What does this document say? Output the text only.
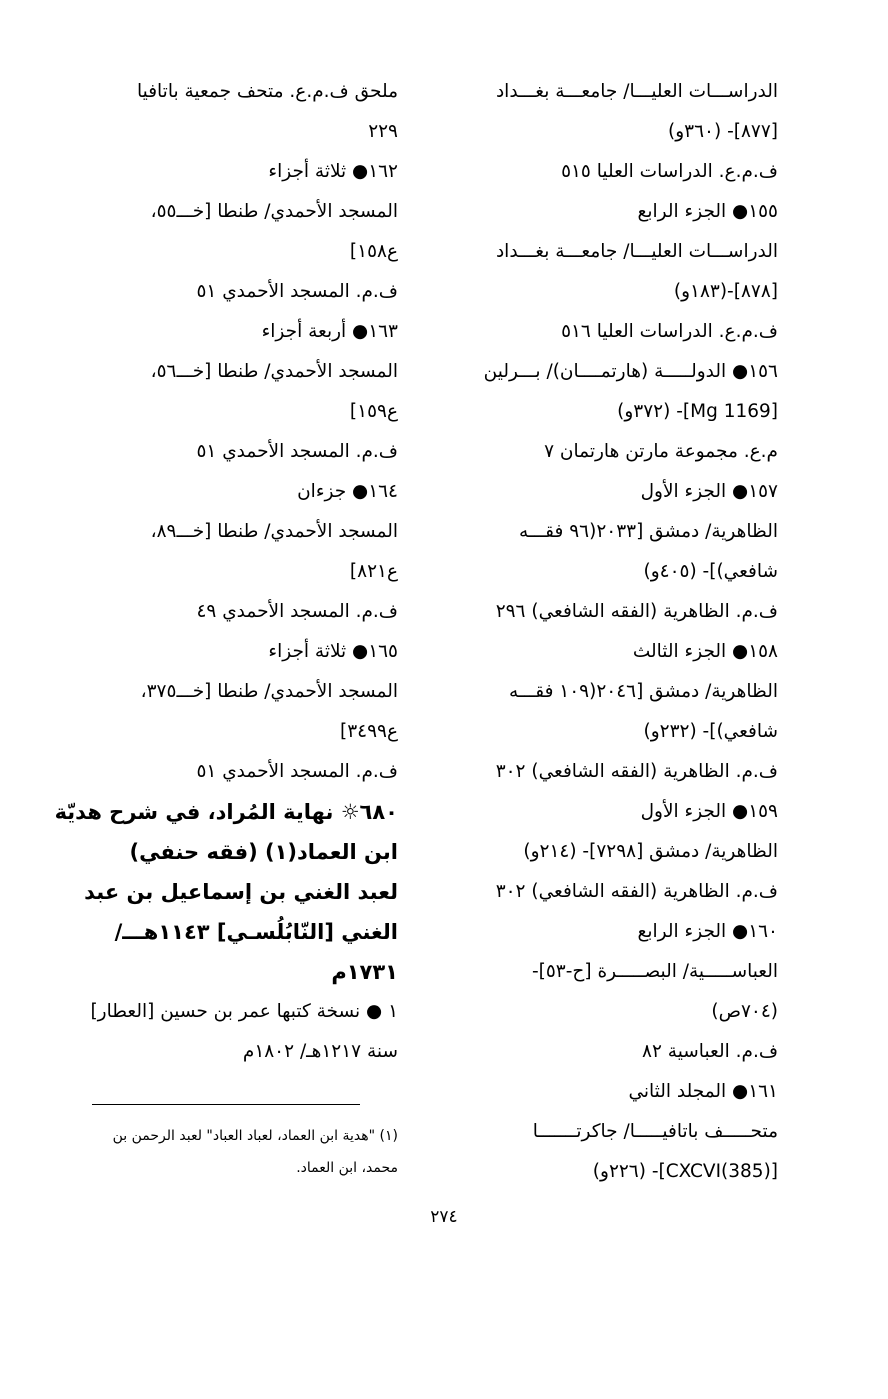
الدراســـات العليـــا/ جامعـــة بغـــداد
[٨٧٧]- (٣٦٠و)
ف.م.ع. الدراسات العليا ٥١٥
١٥٥● الجزء الرابع
الدراســـات العليـــا/ جامعـــة بغـــداد
[٨٧٨]-(١٨٣و)
ف.م.ع. الدراسات العليا ٥١٦
١٥٦● الدولـــــة (هارتمــــان)/ بـــرلين
[Mg 1169]- (٣٧٢و)
م.ع. مجموعة مارتن هارتمان ٧
١٥٧● الجزء الأول
الظاهرية/ دمشق [٢٠٣٣(٩٦ فقـــه
شافعي)]- (٤٠٥و)
ف.م. الظاهرية (الفقه الشافعي) ٢٩٦
١٥٨● الجزء الثالث
الظاهرية/ دمشق [٢٠٤٦(١٠٩ فقـــه
شافعي)]- (٢٣٢و)
ف.م. الظاهرية (الفقه الشافعي) ٣٠٢
١٥٩● الجزء الأول
الظاهرية/ دمشق [٧٢٩٨]- (٢١٤و)
ف.م. الظاهرية (الفقه الشافعي) ٣٠٢
١٦٠● الجزء الرابع
العباســـــية/ البصـــــرة [ح-٥٣]-
(٧٠٤ص)
ف.م. العباسية ٨٢
١٦١● المجلد الثاني
متحـــــف باتافيـــــا/ جاكرتـــــــا
[(385)CXCVI]- (٢٢٦و)
ملحق ف.م.ع. متحف جمعية باتافيا
٢٢٩
١٦٢● ثلاثة أجزاء
المسجد الأحمدي/ طنطا [خـــ٥٥،
ع١٥٨]
ف.م. المسجد الأحمدي ٥١
١٦٣● أربعة أجزاء
المسجد الأحمدي/ طنطا [خـــ٥٦،
ع١٥٩]
ف.م. المسجد الأحمدي ٥١
١٦٤● جزءان
المسجد الأحمدي/ طنطا [خـــ٨٩،
ع٨٢١]
ف.م. المسجد الأحمدي ٤٩
١٦٥● ثلاثة أجزاء
المسجد الأحمدي/ طنطا [خـــ٣٧٥،
ع٣٤٩٩]
ف.م. المسجد الأحمدي ٥١
٦٨٠☼ نهاية المُراد، في شرح هديّة
ابن العماد(١) (فقه حنفي)
لعبد الغني بن إسماعيل بن عبد
الغني [النّابُلُسـي] ١١٤٣هـــ/
١٧٣١م
١ ● نسخة كتبها عمر بن حسين [العطار]
سنة ١٢١٧هـ/ ١٨٠٢م
(١) "هدية ابن العماد، لعباد العباد" لعبد الرحمن بن
محمد، ابن العماد.
٢٧٤
